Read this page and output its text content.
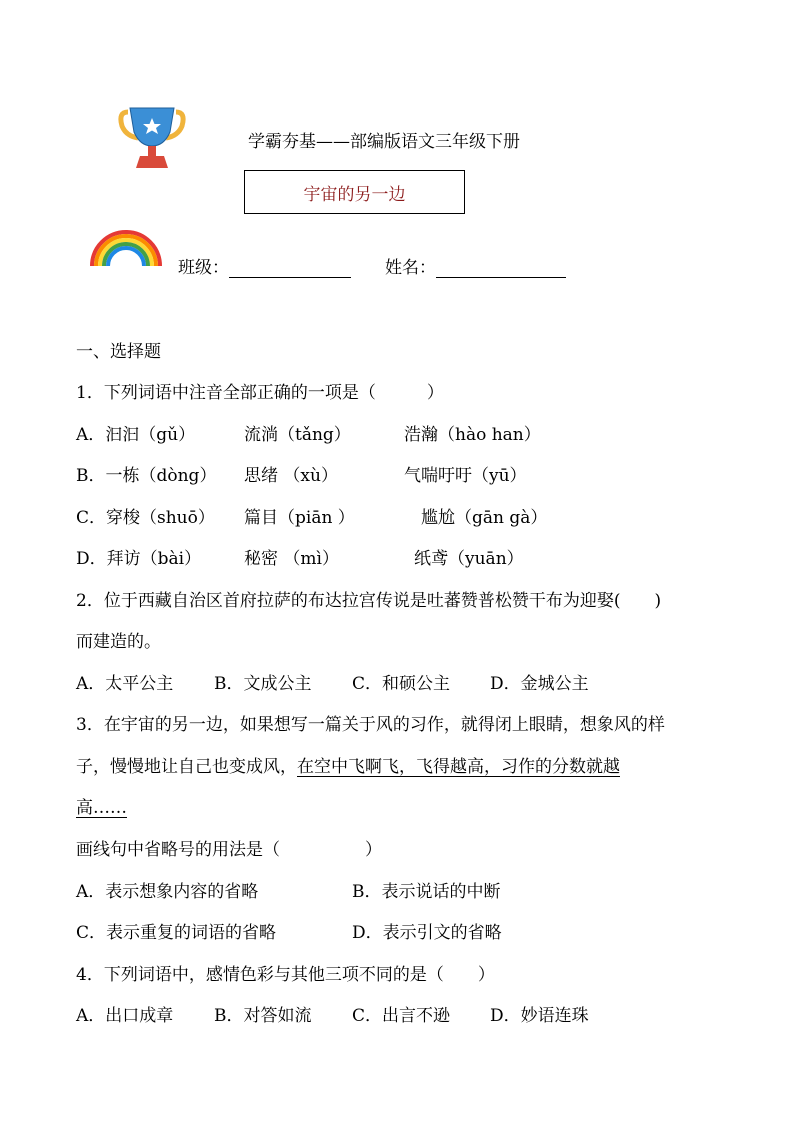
学霸夯基——部编版语文三年级下册
宇宙的另一边
班级：	姓名：
一、选择题
1．下列词语中注音全部正确的一项是（　　　）
A．汩汩（gǔ）	流淌（tǎng）	浩瀚（hào han）
B．一栋（dòng） 思绪 （xù）	气喘吁吁（yū）
C．穿梭（shuō） 篇目（piān ）	尴尬（gān gà）
D．拜访（bài）	秘密 （mì）	纸鸢（yuān）
2．位于西藏自治区首府拉萨的布达拉宫传说是吐蕃赞普松赞干布为迎娶(　　)
而建造的。
A．太平公主 B．文成公主 C．和硕公主 D．金城公主
3．在宇宙的另一边，如果想写一篇关于风的习作，就得闭上眼睛，想象风的样
子，慢慢地让自己也变成风，在空中飞啊飞，飞得越高，习作的分数就越
高……
画线句中省略号的用法是（　　　　　）
A．表示想象内容的省略	B．表示说话的中断
C．表示重复的词语的省略	D．表示引文的省略
4．下列词语中，感情色彩与其他三项不同的是（　　）
A．出口成章 B．对答如流 C．出言不逊 D．妙语连珠
